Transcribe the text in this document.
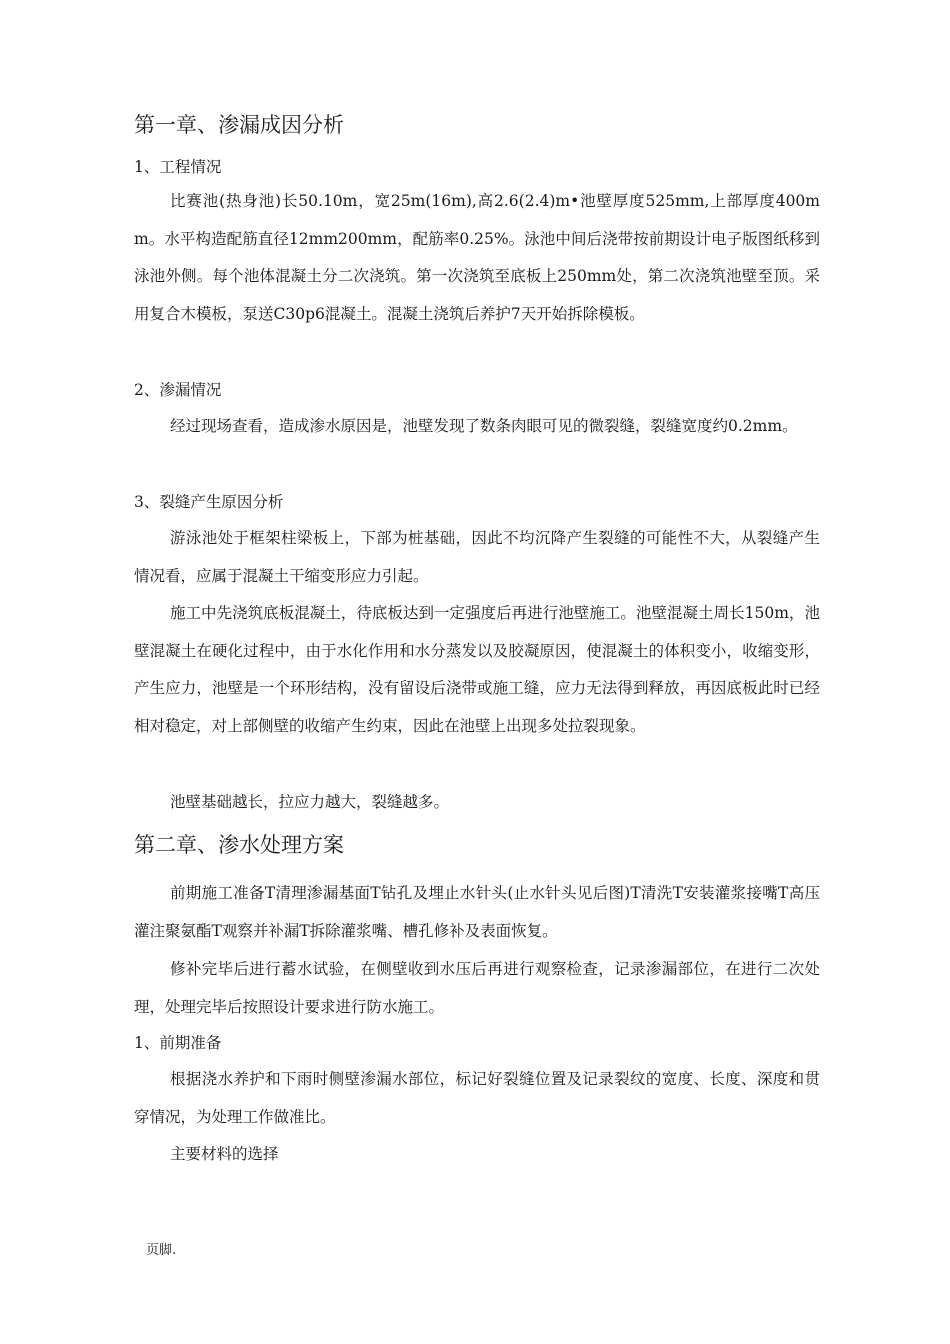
第一章、渗漏成因分析
1、工程情况

比赛池(热身池)长50.10m，宽25m(16m),高2.6(2.4)m•池壁厚度525mm,上部厚度400mm。水平构造配筋直径12mm200mm，配筋率0.25%。泳池中间后浇带按前期设计电子版图纸移到泳池外侧。每个池体混凝土分二次浇筑。第一次浇筑至底板上250mm处，第二次浇筑池壁至顶。采用复合木模板，泵送C30p6混凝土。混凝土浇筑后养护7天开始拆除模板。

2、渗漏情况

经过现场查看，造成渗水原因是，池壁发现了数条肉眼可见的微裂缝，裂缝宽度约0.2mm。

3、裂缝产生原因分析

游泳池处于框架柱梁板上，下部为桩基础，因此不均沉降产生裂缝的可能性不大，从裂缝产生情况看，应属于混凝土干缩变形应力引起。

施工中先浇筑底板混凝土，待底板达到一定强度后再进行池壁施工。池壁混凝土周长150m，池壁混凝土在硬化过程中，由于水化作用和水分蒸发以及胶凝原因，使混凝土的体积变小，收缩变形，产生应力，池壁是一个环形结构，没有留设后浇带或施工缝，应力无法得到释放，再因底板此时已经相对稳定，对上部侧壁的收缩产生约束，因此在池壁上出现多处拉裂现象。

池壁基础越长，拉应力越大，裂缝越多。

第二章、渗水处理方案

前期施工准备T清理渗漏基面T钻孔及埋止水针头(止水针头见后图)T清洗T安装灌浆接嘴T高压灌注聚氨酯T观察并补漏T拆除灌浆嘴、槽孔修补及表面恢复。

修补完毕后进行蓄水试验，在侧壁收到水压后再进行观察检查，记录渗漏部位，在进行二次处理，处理完毕后按照设计要求进行防水施工。

1、前期准备

根据浇水养护和下雨时侧壁渗漏水部位，标记好裂缝位置及记录裂纹的宽度、长度、深度和贯穿情况，为处理工作做准比。

主要材料的选择

页脚.
